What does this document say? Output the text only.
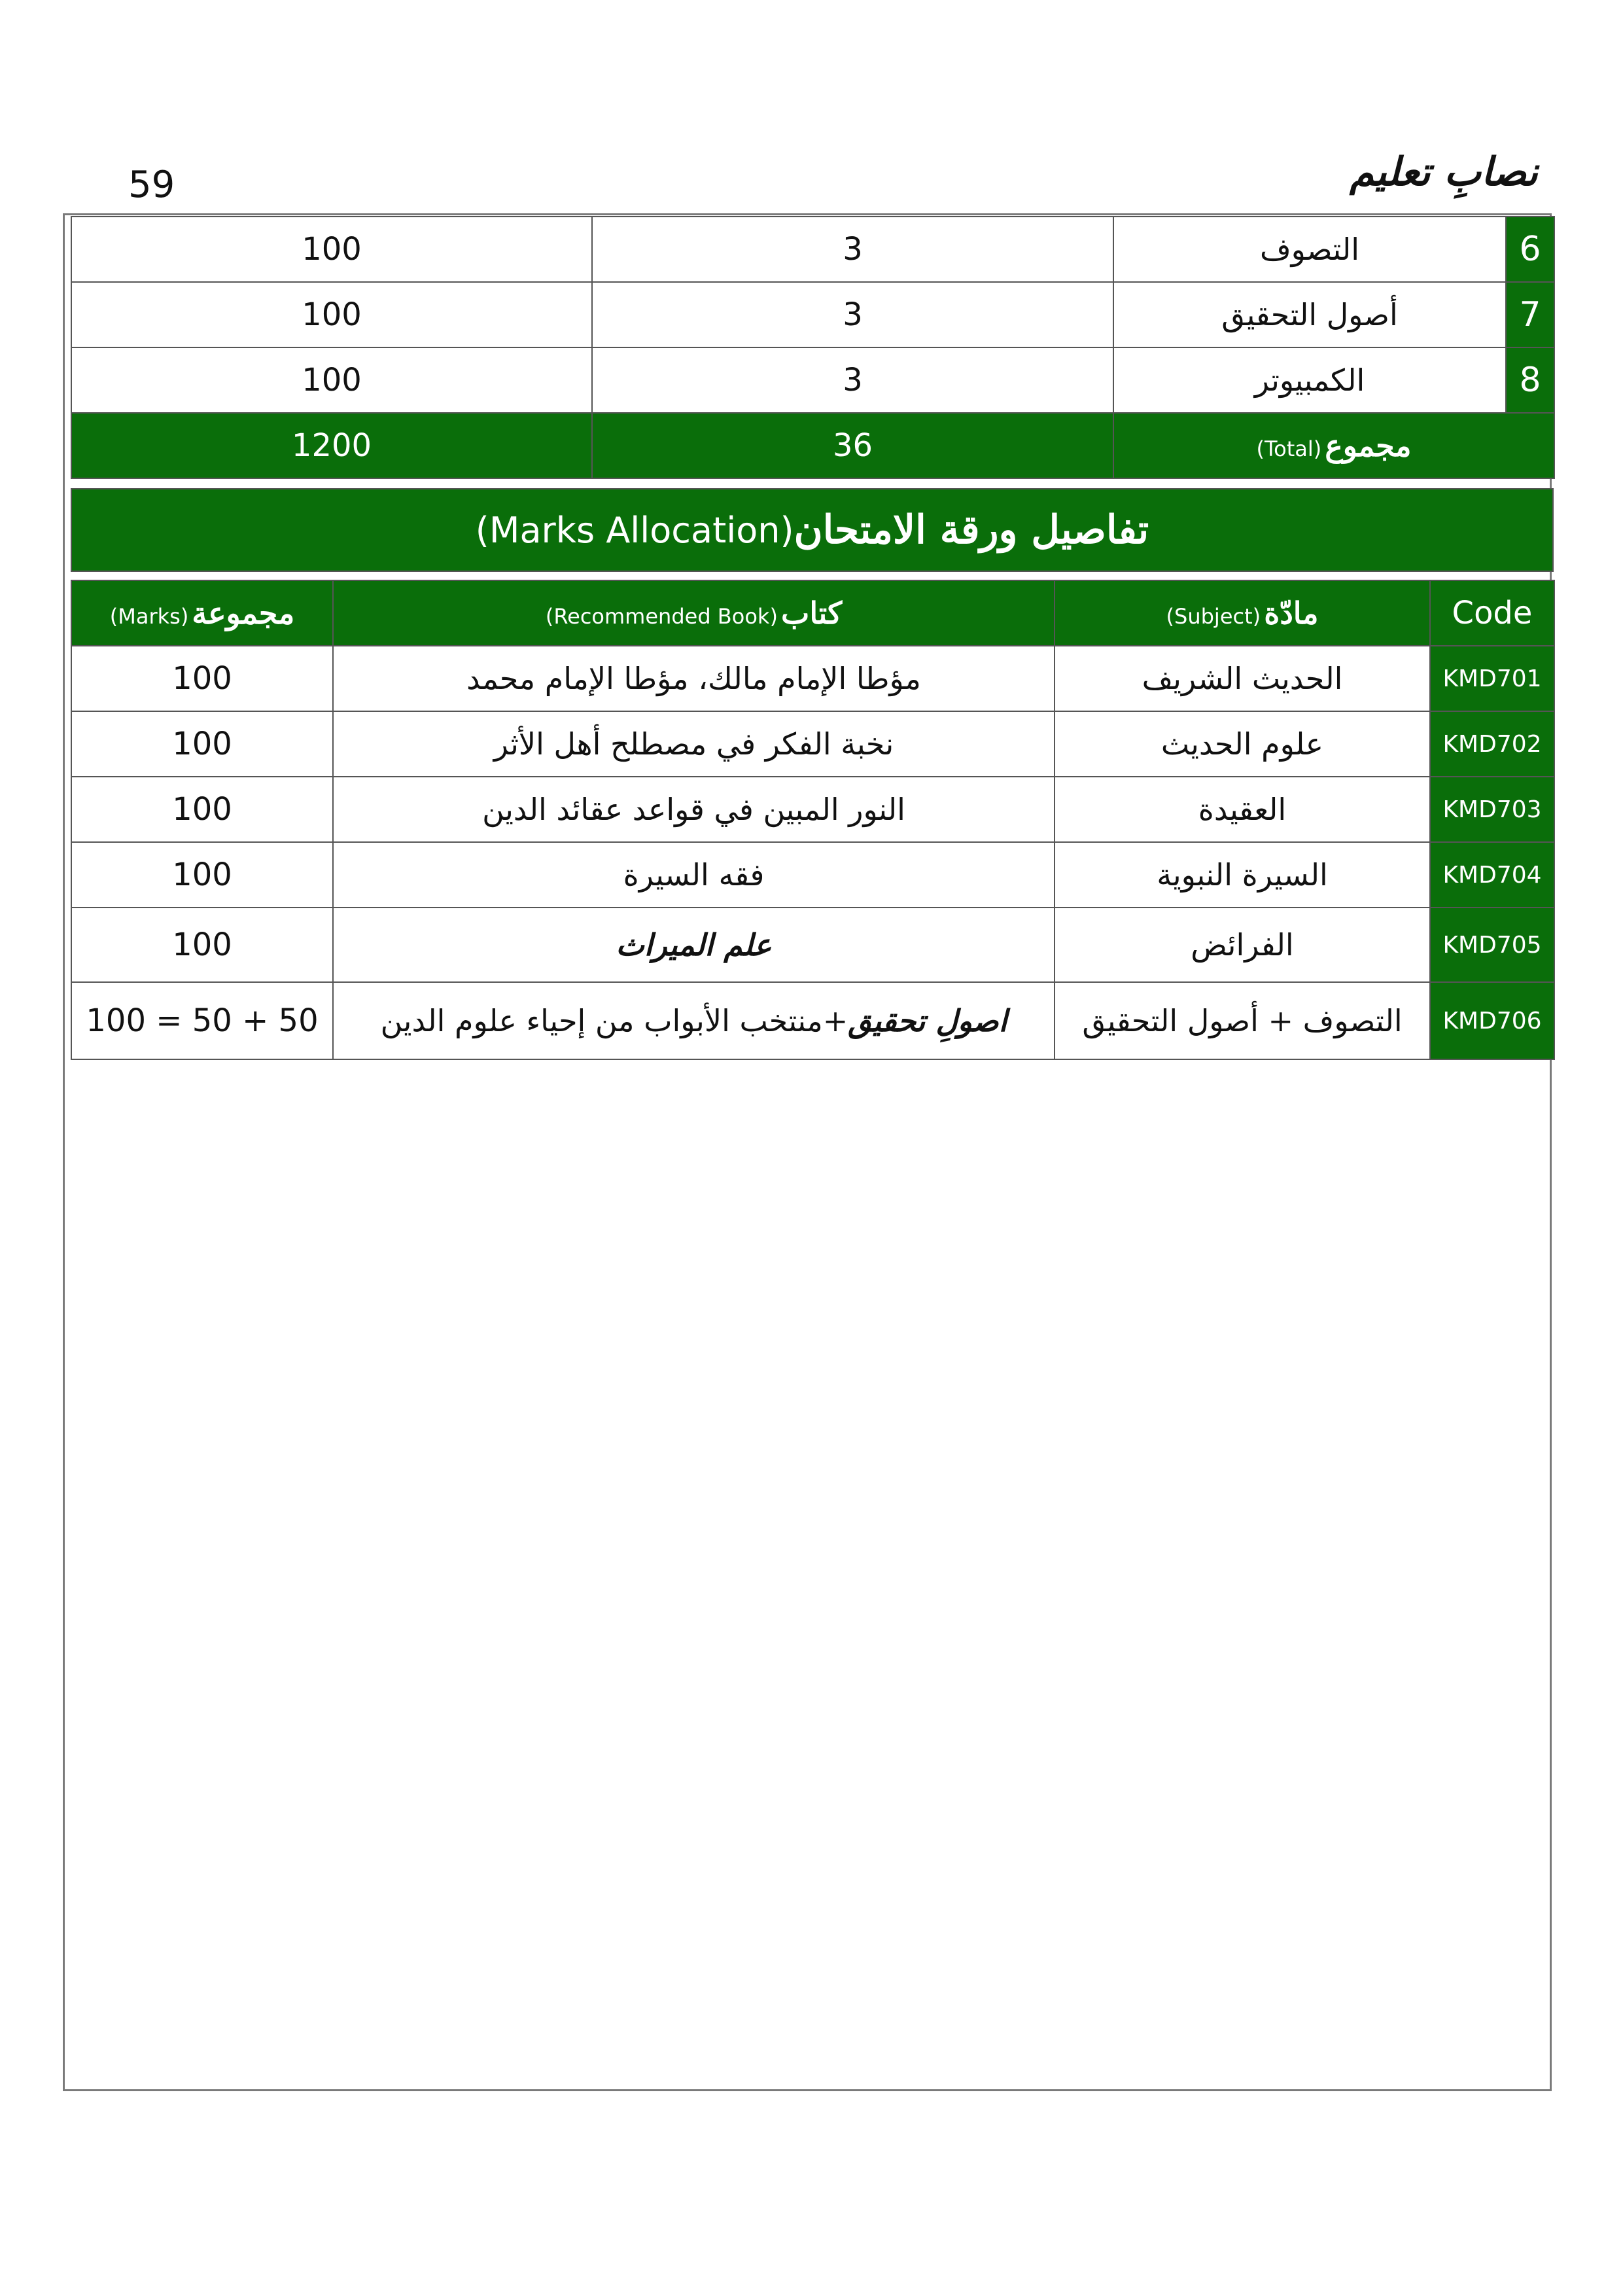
59	نصابِ تعلیم
100	3	التصوف	6
100	3	أصول التحقيق	7
100	3	الكمبيوتر	8
1200	36	(Total) مجموع	
(Marks Allocation) تفاصيل ورقة الامتحان
(Marks) مجموعة	(Recommended Book) كتاب	(Subject) مادّة	Code
100	مؤطا الإمام مالك، مؤطا الإمام محمد	الحديث الشريف	KMD701
100	نخبة الفكر في مصطلح أهل الأثر	علوم الحديث	KMD702
100	النور المبين في قواعد عقائد الدين	العقيدة	KMD703
100	فقه السيرة	السيرة النبوية	KMD704
100	علم المیراث	الفرائض	KMD705
100 = 50 + 50	اصولِ تحقیق+منتخب الأبواب من إحياء علوم الدين	التصوف + أصول التحقيق	KMD706
